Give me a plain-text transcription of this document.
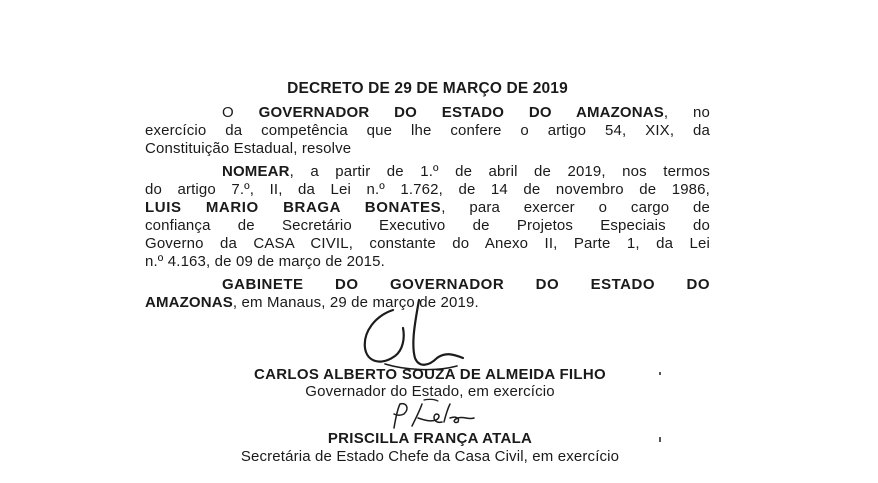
DECRETO DE 29 DE MARÇO DE 2019
O GOVERNADOR DO ESTADO DO AMAZONAS, no
exercício da competência que lhe confere o artigo 54, XIX, da
Constituição Estadual, resolve
NOMEAR, a partir de 1.º de abril de 2019, nos termos
do artigo 7.º, II, da Lei n.º 1.762, de 14 de novembro de 1986,
LUIS MARIO BRAGA BONATES, para exercer o cargo de
confiança de Secretário Executivo de Projetos Especiais do
Governo da CASA CIVIL, constante do Anexo II, Parte 1, da Lei
n.º 4.163, de 09 de março de 2015.
GABINETE DO GOVERNADOR DO ESTADO DO
AMAZONAS, em Manaus, 29 de março de 2019.
CARLOS ALBERTO SOUZA DE ALMEIDA FILHO
Governador do Estado, em exercício
PRISCILLA FRANÇA ATALA
Secretária de Estado Chefe da Casa Civil, em exercício
